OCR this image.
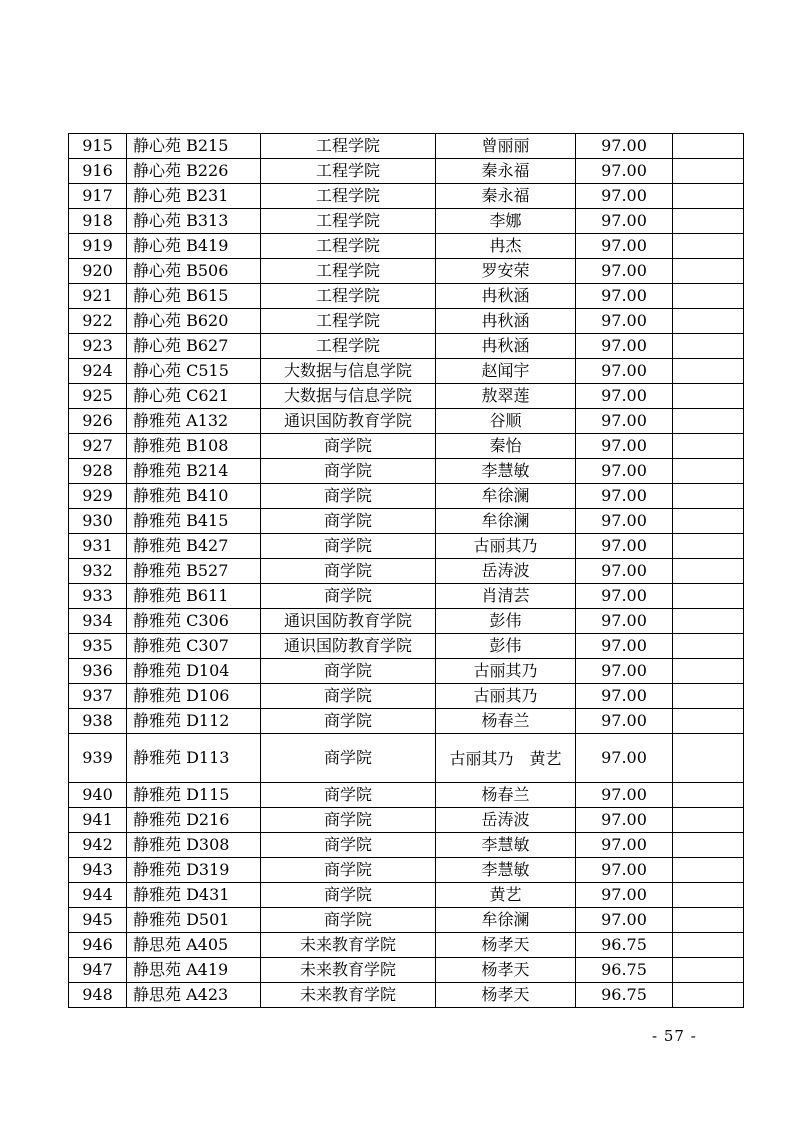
915	静心苑 B215	工程学院	曾丽丽	97.00	
916	静心苑 B226	工程学院	秦永福	97.00	
917	静心苑 B231	工程学院	秦永福	97.00	
918	静心苑 B313	工程学院	李娜	97.00	
919	静心苑 B419	工程学院	冉杰	97.00	
920	静心苑 B506	工程学院	罗安荣	97.00	
921	静心苑 B615	工程学院	冉秋涵	97.00	
922	静心苑 B620	工程学院	冉秋涵	97.00	
923	静心苑 B627	工程学院	冉秋涵	97.00	
924	静心苑 C515	大数据与信息学院	赵闻宇	97.00	
925	静心苑 C621	大数据与信息学院	敖翠莲	97.00	
926	静雅苑 A132	通识国防教育学院	谷顺	97.00	
927	静雅苑 B108	商学院	秦怡	97.00	
928	静雅苑 B214	商学院	李慧敏	97.00	
929	静雅苑 B410	商学院	牟徐澜	97.00	
930	静雅苑 B415	商学院	牟徐澜	97.00	
931	静雅苑 B427	商学院	古丽其乃	97.00	
932	静雅苑 B527	商学院	岳涛波	97.00	
933	静雅苑 B611	商学院	肖清芸	97.00	
934	静雅苑 C306	通识国防教育学院	彭伟	97.00	
935	静雅苑 C307	通识国防教育学院	彭伟	97.00	
936	静雅苑 D104	商学院	古丽其乃	97.00	
937	静雅苑 D106	商学院	古丽其乃	97.00	
938	静雅苑 D112	商学院	杨春兰	97.00	
939	静雅苑 D113	商学院	古丽其乃　黄艺	97.00	
940	静雅苑 D115	商学院	杨春兰	97.00	
941	静雅苑 D216	商学院	岳涛波	97.00	
942	静雅苑 D308	商学院	李慧敏	97.00	
943	静雅苑 D319	商学院	李慧敏	97.00	
944	静雅苑 D431	商学院	黄艺	97.00	
945	静雅苑 D501	商学院	牟徐澜	97.00	
946	静思苑 A405	未来教育学院	杨孝天	96.75	
947	静思苑 A419	未来教育学院	杨孝天	96.75	
948	静思苑 A423	未来教育学院	杨孝天	96.75	
- 57 -
